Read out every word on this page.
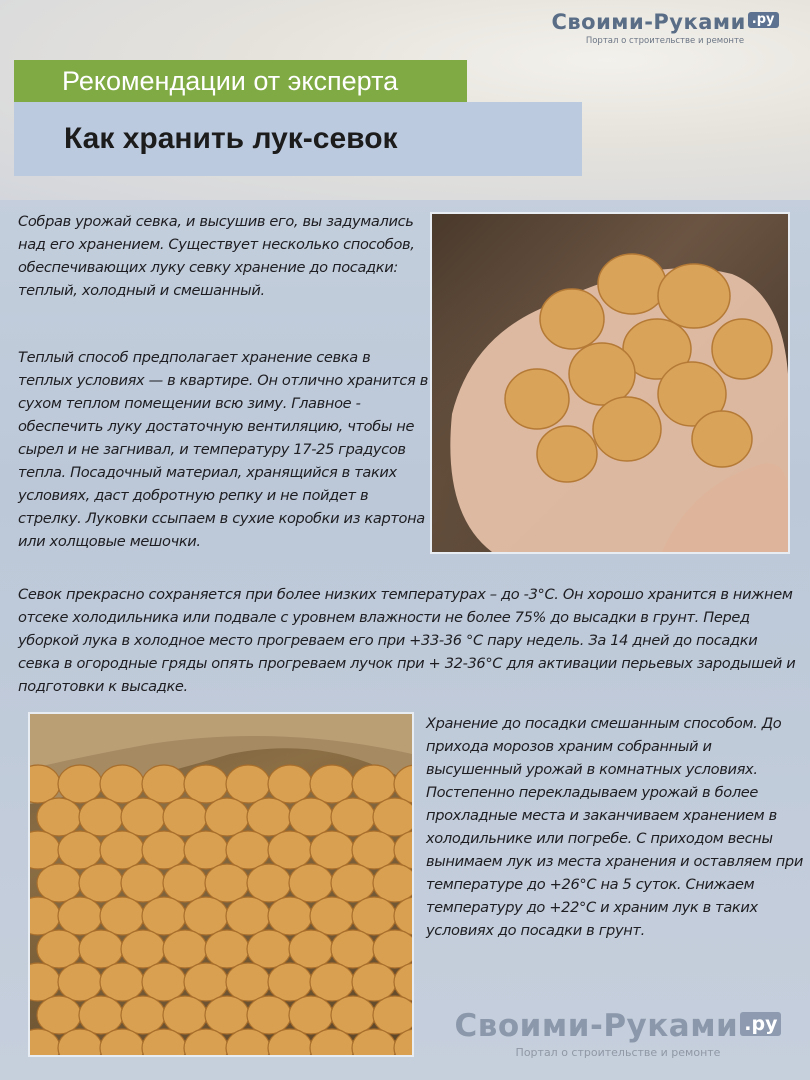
Своими-Руками .ру
Портал о строительстве и ремонте
Рекомендации от эксперта
Как хранить лук-севок

Собрав урожай севка, и высушив его, вы задумались над его хранением. Существует несколько способов, обеспечивающих луку севку хранение до посадки: теплый, холодный и смешанный.

Теплый способ предполагает хранение севка в теплых условиях — в квартире. Он отлично хранится в сухом теплом помещении всю зиму. Главное - обеспечить луку достаточную вентиляцию, чтобы не сырел и не загнивал, и температуру 17-25 градусов тепла. Посадочный материал, хранящийся в таких условиях, даст добротную репку и не пойдет в стрелку. Луковки ссыпаем в сухие коробки из картона или холщовые мешочки.

Севок прекрасно сохраняется при более низких температурах – до -3°С. Он хорошо хранится в нижнем отсеке холодильника или подвале с уровнем влажности не более 75% до высадки в грунт. Перед уборкой лука в холодное место прогреваем его при +33-36 °С пару недель. За 14 дней до посадки севка в огородные гряды опять прогреваем лучок при + 32-36°С для активации перьевых зародышей и подготовки к высадке.

Хранение до посадки смешанным способом. До прихода морозов храним собранный и высушенный урожай в комнатных условиях. Постепенно перекладываем урожай в более прохладные места и заканчиваем хранением в холодильнике или погребе. С приходом весны вынимаем лук из места хранения и оставляем при температуре до +26°С на 5 суток. Снижаем температуру до +22°С и храним лук в таких условиях до посадки в грунт.

Своими-Руками .ру
Портал о строительстве и ремонте
